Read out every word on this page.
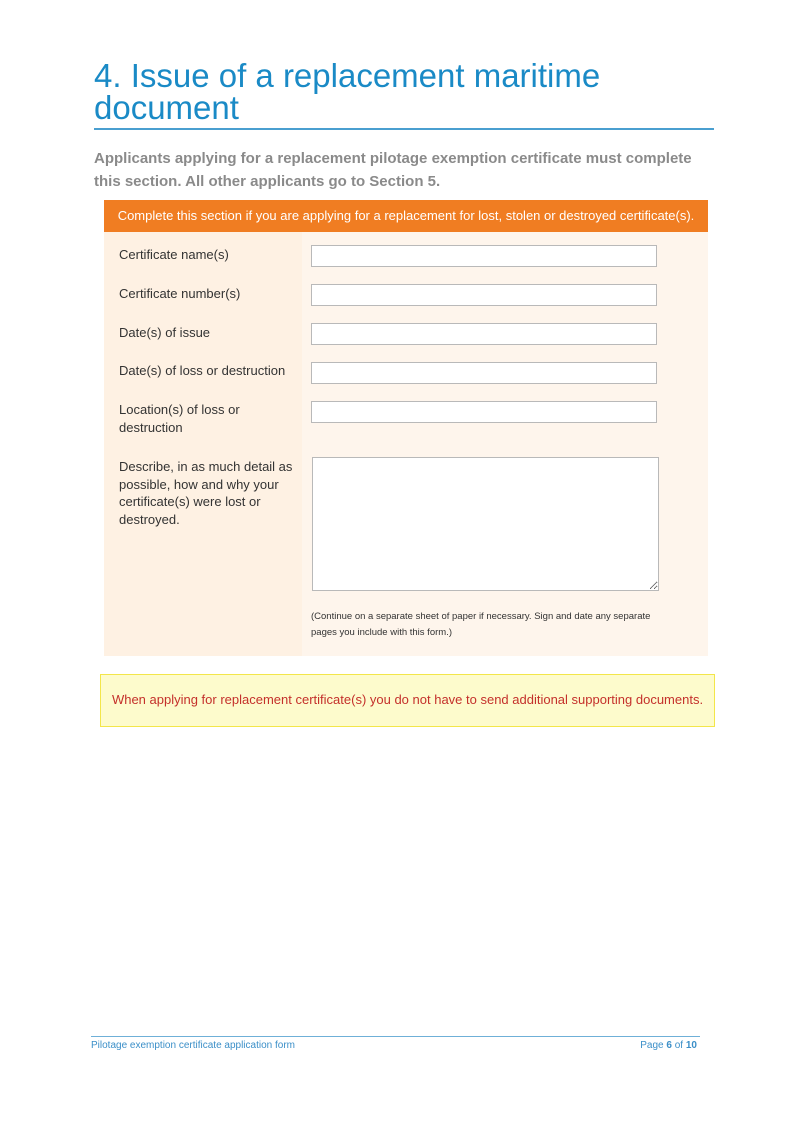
4. Issue of a replacement maritime document

Applicants applying for a replacement pilotage exemption certificate must complete this section. All other applicants go to Section 5.

Complete this section if you are applying for a replacement for lost, stolen or destroyed certificate(s).
Certificate name(s)
Certificate number(s)
Date(s) of issue
Date(s) of loss or destruction
Location(s) of loss or destruction
Describe, in as much detail as possible, how and why your certificate(s) were lost or destroyed.
(Continue on a separate sheet of paper if necessary. Sign and date any separate pages you include with this form.)
When applying for replacement certificate(s) you do not have to send additional supporting documents.
Pilotage exemption certificate application form	Page 6 of 10
